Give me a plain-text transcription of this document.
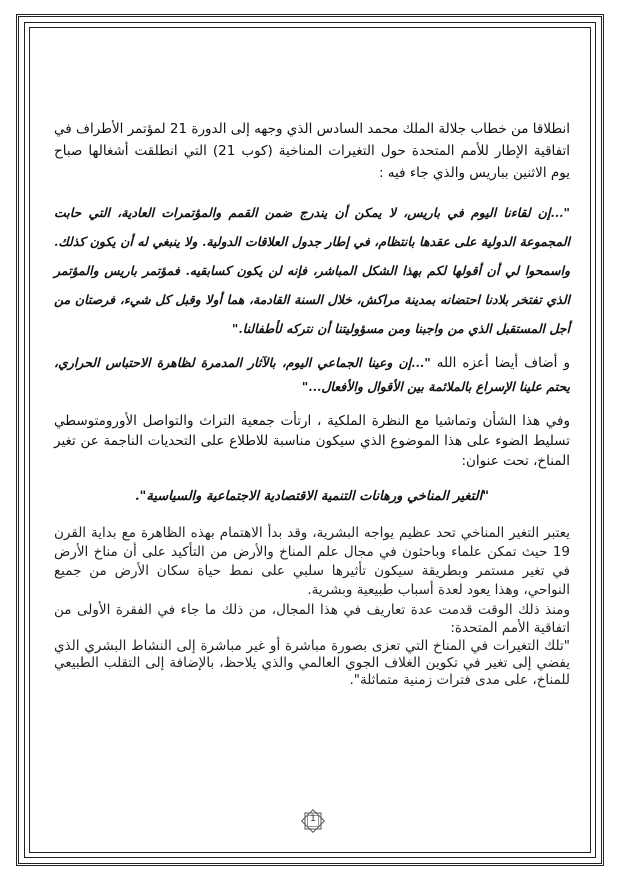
انطلاقا من خطاب جلالة الملك محمد السادس الذي وجهه إلى الدورة 21 لمؤتمر الأطراف في اتفاقية الإطار للأمم المتحدة حول التغيرات المناخية (كوب 21) التي انطلقت أشغالها صباح يوم الاثنين بباريس والذي جاء فيه :

"...إن لقاءنا اليوم في باريس، لا يمكن أن يندرج ضمن القمم والمؤتمرات العادية، التي حابت المجموعة الدولية على عقدها بانتظام، في إطار جدول العلاقات الدولية. ولا ينبغي له أن يكون كذلك. واسمحوا لي أن أقولها لكم بهذا الشكل المباشر، فإنه لن يكون كسابقيه. فمؤتمر باريس والمؤتمر الذي تفتخر بلادنا احتضانه بمدينة مراكش، خلال السنة القادمة، هما أولا وقبل كل شيء، فرصتان من أجل المستقبل الذي من واجبنا ومن مسؤوليتنا أن نتركه لأطفالنا."

و أضاف أيضا أعزه الله "...إن وعينا الجماعي اليوم، بالآثار المدمرة لظاهرة الاحتباس الحراري، يحتم علينا الإسراع بالملائمة بين الأقوال والأفعال..."

وفي هذا الشأن وتماشيا مع النظرة الملكية ، ارتأت جمعية التراث والتواصل الأورومتوسطي تسليط الضوء على هذا الموضوع الذي سيكون مناسبة للاطلاع على التحديات الناجمة عن تغير المناخ، تحت عنوان:

"التغير المناخي ورهانات التنمية الاقتصادية الاجتماعية والسياسية".

يعتبر التغير المناخي تحد عظيم يواجه البشرية، وقد بدأ الاهتمام بهذه الظاهرة مع بداية القرن 19 حيث تمكن علماء وباحثون في مجال علم المناخ والأرض من التأكيد على أن مناخ الأرض في تغير مستمر وبطريقة سيكون تأثيرها سلبي على نمط حياة سكان الأرض من جميع النواحي، وهذا يعود لعدة أسباب طبيعية وبشرية.

ومنذ ذلك الوقت قدمت عدة تعاريف في هذا المجال، من ذلك ما جاء في الفقرة الأولى من اتفاقية الأمم المتحدة:

"تلك التغيرات في المناخ التي تعزى بصورة مباشرة أو غير مباشرة إلى النشاط البشري الذي يفضي إلى تغير في تكوين الغلاف الجوي العالمي والذي يلاحظ، بالإضافة إلى التقلب الطبيعي للمناخ، على مدى فترات زمنية متماثلة".

1
